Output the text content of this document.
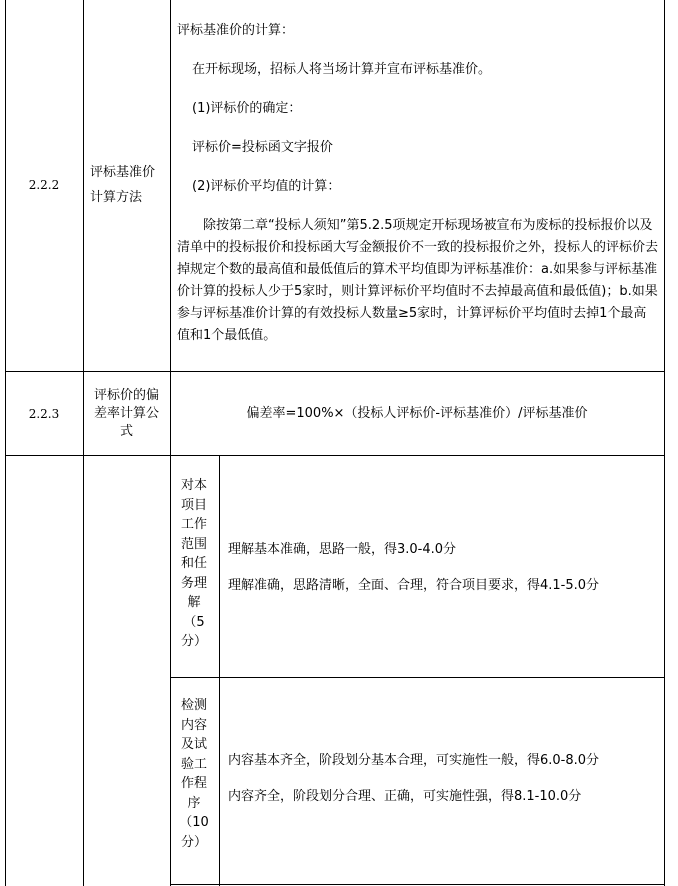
2.2.2
评标基准价
计算方法
评标基准价的计算：
在开标现场，招标人将当场计算并宣布评标基准价。
(1)评标价的确定：
评标价=投标函文字报价
(2)评标价平均值的计算：
除按第二章“投标人须知”第5.2.5项规定开标现场被宣布为废标的投标报价以及清单中的投标报价和投标函大写金额报价不一致的投标报价之外，投标人的评标价去掉规定个数的最高值和最低值后的算术平均值即为评标基准价：a.如果参与评标基准价计算的投标人少于5家时，则计算评标价平均值时不去掉最高值和最低值)；b.如果参与评标基准价计算的有效投标人数量≥5家时，计算评标价平均值时去掉1个最高值和1个最低值。
2.2.3
评标价的偏
差率计算公
式
偏差率=100%×（投标人评标价-评标基准价）/评标基准价
对本
项目
工作
范围
和任
务理
解
（5
分）
理解基本准确，思路一般，得3.0-4.0分
理解准确，思路清晰，全面、合理，符合项目要求，得4.1-5.0分
检测
内容
及试
验工
作程
序
（10
分）
内容基本齐全，阶段划分基本合理，可实施性一般，得6.0-8.0分
内容齐全，阶段划分合理、正确，可实施性强，得8.1-10.0分
